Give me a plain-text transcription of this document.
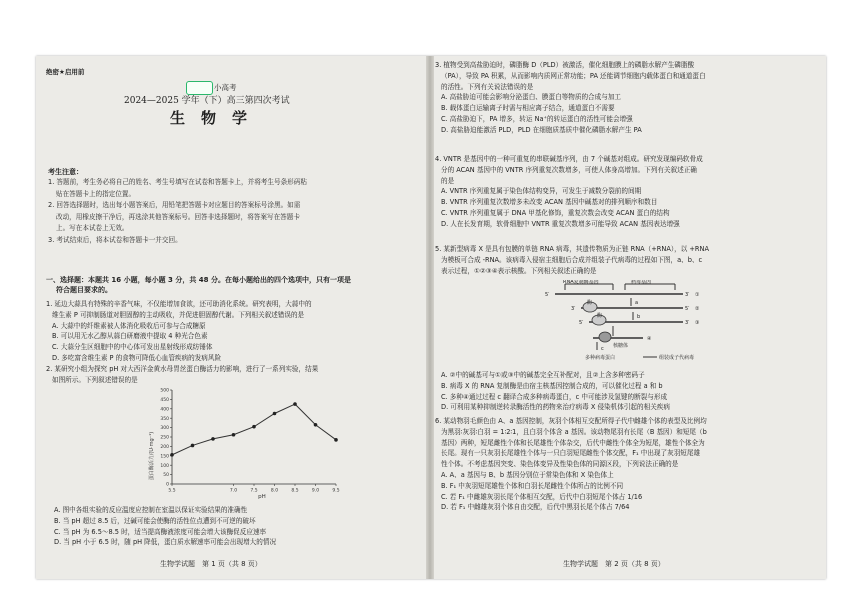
绝密★启用前
小高考
2024—2025 学年（下）高三第四次考试
生物学
考生注意：
1. 答题前，考生务必将自己的姓名、考生号填写在试卷和答题卡上，并将考生号条形码粘
贴在答题卡上的指定位置。
2. 回答选择题时，选出每小题答案后，用铅笔把答题卡对应题目的答案标号涂黑。如需
改动，用橡皮擦干净后，再选涂其他答案标号。回答非选择题时，将答案写在答题卡
上。写在本试卷上无效。
3. 考试结束后，将本试卷和答题卡一并交回。
一、选择题：本题共 16 小题，每小题 3 分，共 48 分。在每小题给出的四个选项中，只有一项是
符合题目要求的。
1. 延边大蒜具有特殊的辛香气味，不仅能增加食欲，还可助消化系统。研究表明，大蒜中的
维生素 P 可抑制肠道对胆固醇的主动吸收，并促进胆固醇代谢。下列相关叙述错误的是
A. 大蒜中的纤维素被人体消化吸收后可参与合成糖原
B. 可以用无水乙醇从蒜白研磨液中提取 4 种光合色素
C. 大蒜分生区细胞中的中心体可发出星射线形成纺锤体
D. 多吃富含维生素 P 的食物可降低心血管疾病的发病风险
2. 某研究小组为探究 pH 对大西洋金黄水母胃丝蛋白酶活力的影响，进行了一系列实验，结果
如图所示。下列叙述错误的是
0
50
100
150
200
250
300
350
400
450
500
5.5	7.0	7.5	8.0	8.5	9.0	9.5
蛋白酶活力/(U·mg⁻¹)
pH
A. 图中各组实验的反应温度应控制在室温以保证实验结果的准确性
B. 当 pH 超过 8.5 后，过碱可能会使酶的活性位点遭到不可逆的破坏
C. 当 pH 为 6.5～8.5 时，适当提高酶液浓度可能会增大该酶促反应速率
D. 当 pH 小于 6.5 时，随 pH 降低，蛋白质水解速率可能会出现增大的情况
生物学试题　第 1 页（共 8 页）
3. 植物受到高盐胁迫时，磷脂酶 D（PLD）被激活，催化细胞膜上的磷脂水解产生磷脂酸
（PA），导致 PA 积累，从而影响内质网正常功能；PA 还能调节细胞内载体蛋白和通道蛋白
的活性。下列有关说法错误的是
A. 高盐胁迫可能会影响分泌蛋白、膜蛋白等物质的合成与加工
B. 载体蛋白运输离子时需与相应离子结合，通道蛋白不需要
C. 高盐胁迫下，PA 增多，转运 Na⁺的转运蛋白的活性可能会增强
D. 高盐胁迫能激活 PLD，PLD 在细胞质基质中催化磷脂水解产生 PA
4. VNTR 是基因中的一种可重复的串联碱基序列，由 7 个碱基对组成。研究发现编码软骨成
分的 ACAN 基因中的 VNTR 序列重复次数增多，可使人体身高增加。下列有关叙述正确
的是
A. VNTR 序列重复属于染色体结构变异，可发生于减数分裂前的间期
B. VNTR 序列重复次数增多未改变 ACAN 基因中碱基对的排列顺序和数目
C. VNTR 序列重复属于 DNA 甲基化修饰，重复次数会改变 ACAN 蛋白的结构
D. 人在长发育期，软骨细胞中 VNTR 重复次数增多可能导致 ACAN 基因表达增强
5. 某新型病毒 X 是具有包膜的单链 RNA 病毒，其遗传物质为正链 RNA（+RNA），以 +RNA
为模板可合成 -RNA。该病毒入侵宿主细胞后合成并组装子代病毒的过程如下图，a、b、c
表示过程，①②③④表示核酸。下列相关叙述正确的是
RNA复制酶基因	病毒基因
5′	3′ ①
3′	5′ ②
5′	3′ ③
④
酶
酶
核糖体
a
b
c
多种病毒蛋白	组装成子代病毒
A. ②中的碱基可与①或③中的碱基完全互补配对，且②上含多种密码子
B. 病毒 X 的 RNA 复制酶是由宿主核基因控制合成的，可以催化过程 a 和 b
C. 多种④通过过程 c 翻译合成多种病毒蛋白，c 中可能涉及氢键的断裂与形成
D. 可利用某种抑制逆转录酶活性的药物来治疗病毒 X 侵染机体引起的相关疾病
6. 某动物羽毛颜色由 A、a 基因控制，灰羽个体相互交配所得子代中雌雄个体的表型及比例均
为黑羽∶灰羽∶白羽 = 1∶2∶1，且白羽个体含 a 基因。该动物尾羽有长尾（B 基因）和短尾（b
基因）两种，短尾雌性个体和长尾雄性个体杂交，后代中雌性个体全为短尾，雄性个体全为
长尾。现有一只灰羽长尾雄性个体与一只白羽短尾雌性个体交配，F₁ 中出现了灰羽短尾雄
性个体。不考虑基因突变、染色体变异及性染色体的同源区段，下列说法正确的是
A. A、a 基因与 B、b 基因分别位于常染色体和 X 染色体上
B. F₁ 中灰羽短尾雄性个体和白羽长尾雌性个体所占的比例不同
C. 若 F₁ 中雌雄灰羽长尾个体相互交配，后代中白羽短尾个体占 1/16
D. 若 F₁ 中雌雄灰羽个体自由交配，后代中黑羽长尾个体占 7/64
生物学试题　第 2 页（共 8 页）
